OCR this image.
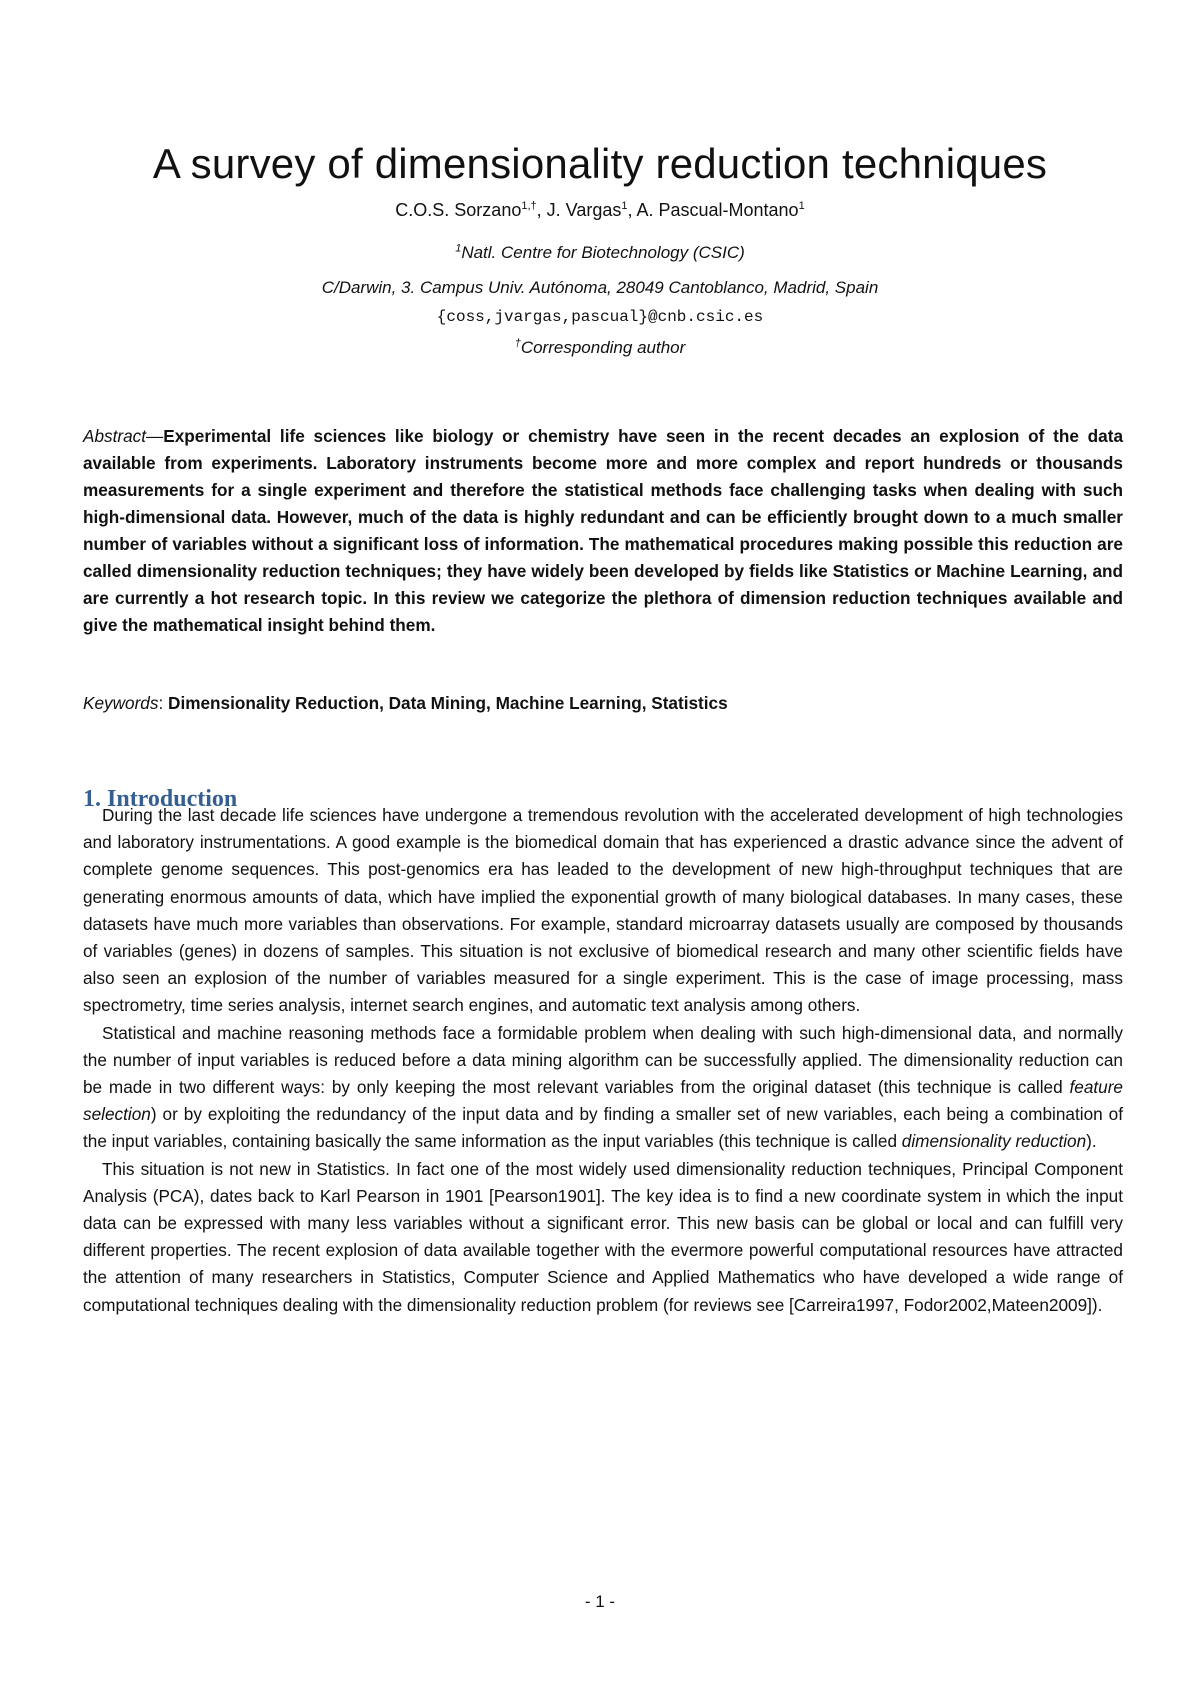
A survey of dimensionality reduction techniques
C.O.S. Sorzano$^{1,\dagger}$, J. Vargas$^1$, A. Pascual-Montano$^1$
$^1$Natl. Centre for Biotechnology (CSIC)
C/Darwin, 3. Campus Univ. Autónoma, 28049 Cantoblanco, Madrid, Spain
{coss,jvargas,pascual}@cnb.csic.es
†Corresponding author
Abstract—Experimental life sciences like biology or chemistry have seen in the recent decades an explosion of the data available from experiments. Laboratory instruments become more and more complex and report hundreds or thousands measurements for a single experiment and therefore the statistical methods face challenging tasks when dealing with such high-dimensional data. However, much of the data is highly redundant and can be efficiently brought down to a much smaller number of variables without a significant loss of information. The mathematical procedures making possible this reduction are called dimensionality reduction techniques; they have widely been developed by fields like Statistics or Machine Learning, and are currently a hot research topic. In this review we categorize the plethora of dimension reduction techniques available and give the mathematical insight behind them.
Keywords: Dimensionality Reduction, Data Mining, Machine Learning, Statistics
1. Introduction

During the last decade life sciences have undergone a tremendous revolution with the accelerated development of high technologies and laboratory instrumentations. A good example is the biomedical domain that has experienced a drastic advance since the advent of complete genome sequences. This post-genomics era has leaded to the development of new high-throughput techniques that are generating enormous amounts of data, which have implied the exponential growth of many biological databases. In many cases, these datasets have much more variables than observations. For example, standard microarray datasets usually are composed by thousands of variables (genes) in dozens of samples. This situation is not exclusive of biomedical research and many other scientific fields have also seen an explosion of the number of variables measured for a single experiment. This is the case of image processing, mass spectrometry, time series analysis, internet search engines, and automatic text analysis among others.

Statistical and machine reasoning methods face a formidable problem when dealing with such high-dimensional data, and normally the number of input variables is reduced before a data mining algorithm can be successfully applied. The dimensionality reduction can be made in two different ways: by only keeping the most relevant variables from the original dataset (this technique is called feature selection) or by exploiting the redundancy of the input data and by finding a smaller set of new variables, each being a combination of the input variables, containing basically the same information as the input variables (this technique is called dimensionality reduction).

This situation is not new in Statistics. In fact one of the most widely used dimensionality reduction techniques, Principal Component Analysis (PCA), dates back to Karl Pearson in 1901 [Pearson1901]. The key idea is to find a new coordinate system in which the input data can be expressed with many less variables without a significant error. This new basis can be global or local and can fulfill very different properties. The recent explosion of data available together with the evermore powerful computational resources have attracted the attention of many researchers in Statistics, Computer Science and Applied Mathematics who have developed a wide range of computational techniques dealing with the dimensionality reduction problem (for reviews see [Carreira1997, Fodor2002,Mateen2009]).

- 1 -
